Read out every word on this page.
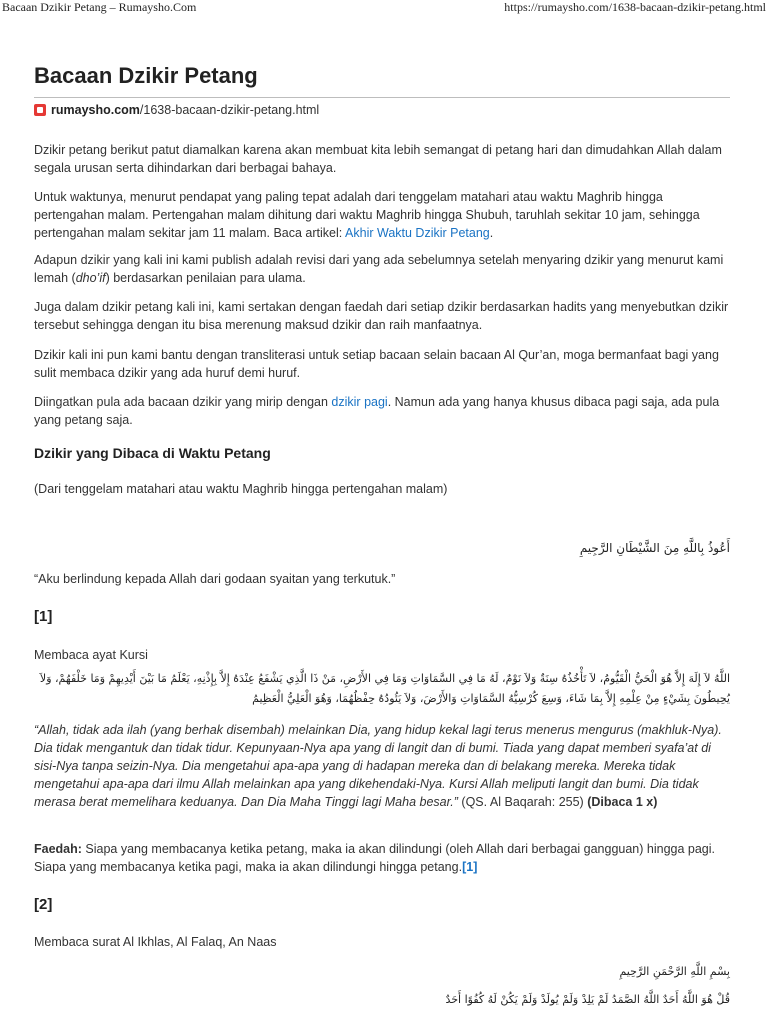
Bacaan Dzikir Petang – Rumaysho.Com	https://rumaysho.com/1638-bacaan-dzikir-petang.html
Bacaan Dzikir Petang
rumaysho.com/1638-bacaan-dzikir-petang.html

Dzikir petang berikut patut diamalkan karena akan membuat kita lebih semangat di petang hari dan dimudahkan Allah dalam segala urusan serta dihindarkan dari berbagai bahaya.

Untuk waktunya, menurut pendapat yang paling tepat adalah dari tenggelam matahari atau waktu Maghrib hingga pertengahan malam. Pertengahan malam dihitung dari waktu Maghrib hingga Shubuh, taruhlah sekitar 10 jam, sehingga pertengahan malam sekitar jam 11 malam. Baca artikel: Akhir Waktu Dzikir Petang.

Adapun dzikir yang kali ini kami publish adalah revisi dari yang ada sebelumnya setelah menyaring dzikir yang menurut kami lemah (dho’if) berdasarkan penilaian para ulama.

Juga dalam dzikir petang kali ini, kami sertakan dengan faedah dari setiap dzikir berdasarkan hadits yang menyebutkan dzikir tersebut sehingga dengan itu bisa merenung maksud dzikir dan raih manfaatnya.

Dzikir kali ini pun kami bantu dengan transliterasi untuk setiap bacaan selain bacaan Al Qur’an, moga bermanfaat bagi yang sulit membaca dzikir yang ada huruf demi huruf.

Diingatkan pula ada bacaan dzikir yang mirip dengan dzikir pagi. Namun ada yang hanya khusus dibaca pagi saja, ada pula yang petang saja.

Dzikir yang Dibaca di Waktu Petang

(Dari tenggelam matahari atau waktu Maghrib hingga pertengahan malam)

أَعُوذُ بِاللَّهِ مِنَ الشَّيْطَانِ الرَّجِيمِ

“Aku berlindung kepada Allah dari godaan syaitan yang terkutuk.”

[1]

Membaca ayat Kursi

اللَّهُ لاَ إِلَهَ إِلاَّ هُوَ الْحَيُّ الْقَيُّومُ، لاَ تَأْخُذُهُ سِنَةٌ وَلاَ نَوْمٌ، لَهُ مَا فِي السَّمَاوَاتِ وَمَا فِي الأَرْضِ، مَنْ ذَا الَّذِي يَشْفَعُ عِنْدَهُ إِلاَّ بِإِذْنِهِ، يَعْلَمُ مَا بَيْنَ أَيْدِيهِمْ وَمَا خَلْفَهُمْ، وَلاَ يُحِيطُونَ بِشَيْءٍ مِنْ عِلْمِهِ إِلاَّ بِمَا شَاءَ، وَسِعَ كُرْسِيُّهُ السَّمَاوَاتِ وَالأَرْضَ، وَلاَ يَئُودُهُ حِفْظُهُمَا، وَهُوَ الْعَلِيُّ الْعَظِيمُ

“Allah, tidak ada ilah (yang berhak disembah) melainkan Dia, yang hidup kekal lagi terus menerus mengurus (makhluk-Nya). Dia tidak mengantuk dan tidak tidur. Kepunyaan-Nya apa yang di langit dan di bumi. Tiada yang dapat memberi syafa’at di sisi-Nya tanpa seizin-Nya. Dia mengetahui apa-apa yang di hadapan mereka dan di belakang mereka. Mereka tidak mengetahui apa-apa dari ilmu Allah melainkan apa yang dikehendaki-Nya. Kursi Allah meliputi langit dan bumi. Dia tidak merasa berat memelihara keduanya. Dan Dia Maha Tinggi lagi Maha besar.” (QS. Al Baqarah: 255) (Dibaca 1 x)

Faedah: Siapa yang membacanya ketika petang, maka ia akan dilindungi (oleh Allah dari berbagai gangguan) hingga pagi. Siapa yang membacanya ketika pagi, maka ia akan dilindungi hingga petang.[1]

[2]

Membaca surat Al Ikhlas, Al Falaq, An Naas

بِسْمِ اللَّهِ الرَّحْمَنِ الرَّحِيمِ

قُلْ هُوَ اللَّهُ أَحَدٌ اللَّهُ الصَّمَدُ لَمْ يَلِدْ وَلَمْ يُولَدْ وَلَمْ يَكُنْ لَهُ كُفُوًا أَحَدٌ
